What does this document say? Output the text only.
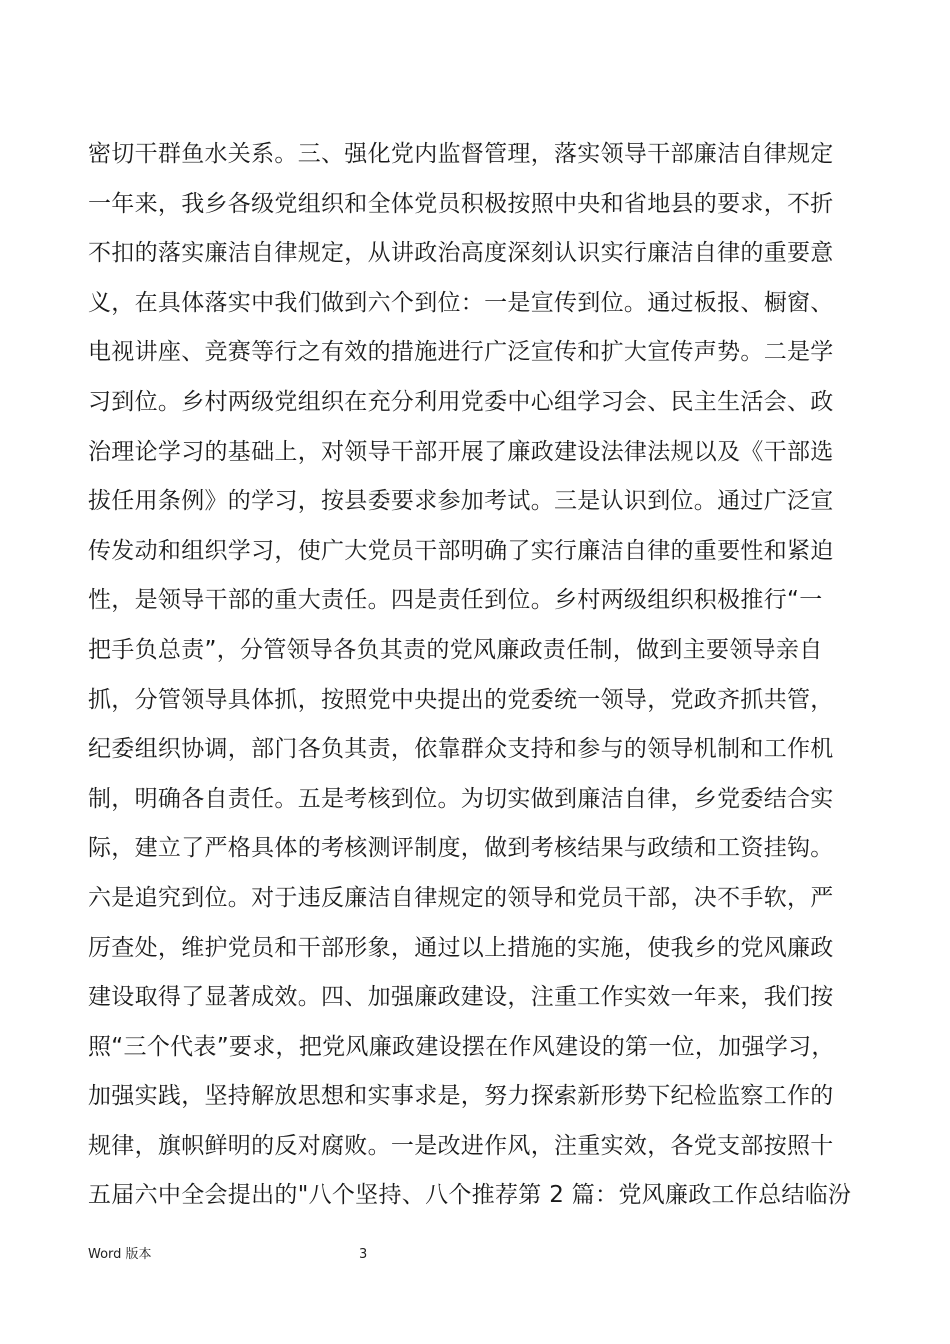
密切干群鱼水关系。三、强化党内监督管理，落实领导干部廉洁自律规定
一年来，我乡各级党组织和全体党员积极按照中央和省地县的要求，不折
不扣的落实廉洁自律规定，从讲政治高度深刻认识实行廉洁自律的重要意
义，在具体落实中我们做到六个到位：一是宣传到位。通过板报、橱窗、
电视讲座、竞赛等行之有效的措施进行广泛宣传和扩大宣传声势。二是学
习到位。乡村两级党组织在充分利用党委中心组学习会、民主生活会、政
治理论学习的基础上，对领导干部开展了廉政建设法律法规以及《干部选
拔任用条例》的学习，按县委要求参加考试。三是认识到位。通过广泛宣
传发动和组织学习，使广大党员干部明确了实行廉洁自律的重要性和紧迫
性，是领导干部的重大责任。四是责任到位。乡村两级组织积极推行“一
把手负总责”，分管领导各负其责的党风廉政责任制，做到主要领导亲自
抓，分管领导具体抓，按照党中央提出的党委统一领导，党政齐抓共管，
纪委组织协调，部门各负其责，依靠群众支持和参与的领导机制和工作机
制，明确各自责任。五是考核到位。为切实做到廉洁自律，乡党委结合实
际，建立了严格具体的考核测评制度，做到考核结果与政绩和工资挂钩。
六是追究到位。对于违反廉洁自律规定的领导和党员干部，决不手软，严
厉查处，维护党员和干部形象，通过以上措施的实施，使我乡的党风廉政
建设取得了显著成效。四、加强廉政建设，注重工作实效一年来，我们按
照“三个代表”要求，把党风廉政建设摆在作风建设的第一位，加强学习，
加强实践，坚持解放思想和实事求是，努力探索新形势下纪检监察工作的
规律，旗帜鲜明的反对腐败。一是改进作风，注重实效，各党支部按照十
五届六中全会提出的"八个坚持、八个推荐第 2 篇：党风廉政工作总结临汾
Word 版本	3
